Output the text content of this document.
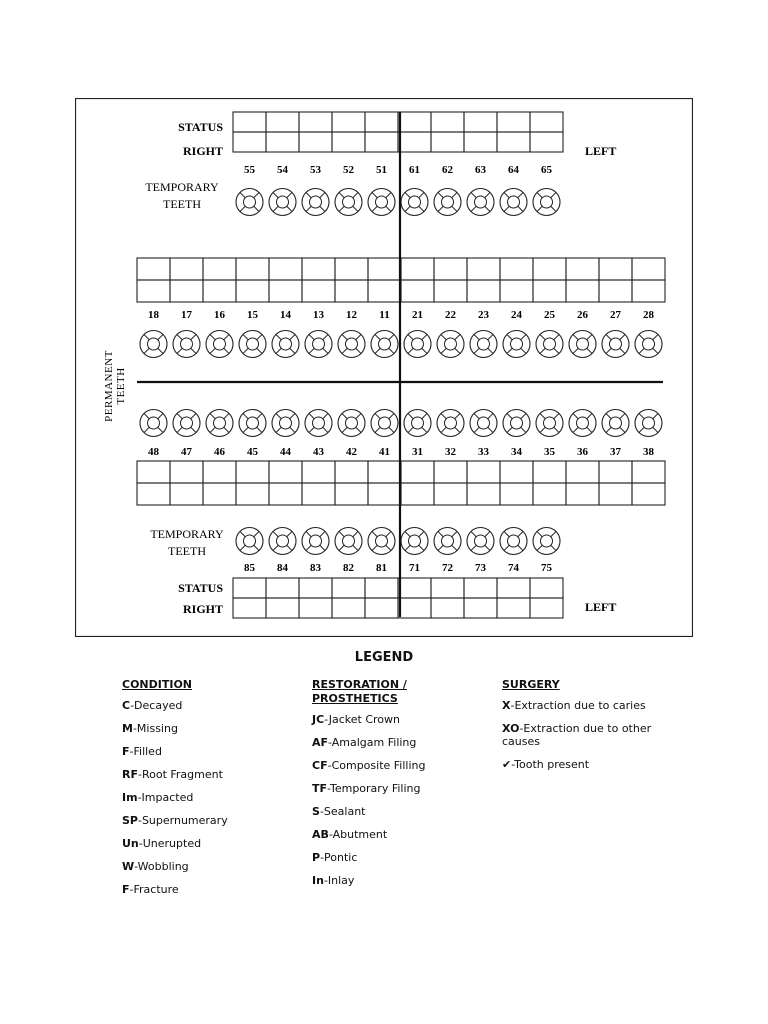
STATUS
RIGHT	LEFT
TEMPORARY
TEETH
TEMPORARY
TEETH
STATUS
RIGHT	LEFT
PERMANENT TEETH
55 54 53 52 51 61 62 63 64 65
18 17 16 15 14 13 12 11 21 22 23 24 25 26 27 28
48 47 46 45 44 43 42 41 31 32 33 34 35 36 37 38
85 84 83 82 81 71 72 73 74 75
LEGEND
CONDITION
C-Decayed
M-Missing
F-Filled
RF-Root Fragment
Im-Impacted
SP-Supernumerary
Un-Unerupted
W-Wobbling
F-Fracture
RESTORATION / PROSTHETICS
JC-Jacket Crown
AF-Amalgam Filing
CF-Composite Filling
TF-Temporary Filing
S-Sealant
AB-Abutment
P-Pontic
In-Inlay
SURGERY
X-Extraction due to caries
XO-Extraction due to other causes
✔-Tooth present
